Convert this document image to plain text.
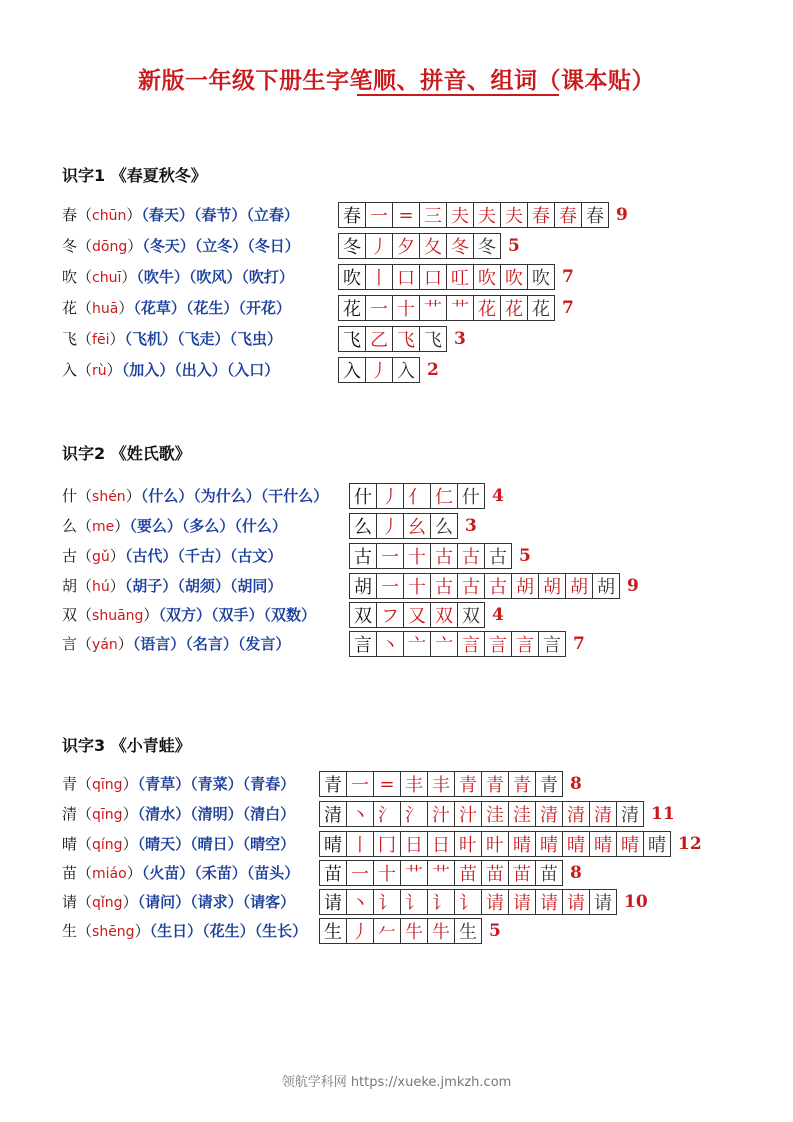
新版一年级下册生字笔顺、拼音、组词（课本贴）
识字1 《春夏秋冬》
春（chūn）（春天）（春节）（立春） 春 一 = 三 夫 夫 夫 春 春 春 9
冬（dōng）（冬天）（立冬）（冬日） 冬 丿 夕 夂 冬 冬 5
吹（chuī）（吹牛）（吹风）（吹打）	吹 丨 口 口 叿 吹 吹 吹 7
花（huā）（花草）（花生）（开花）	花 一 十 艹 艹 花 花 花 7
飞（fēi）（飞机）（飞走）（飞虫）	飞 乙 飞 飞 3
入（rù）（加入）（出入）（入口）	入 丿 入 2
识字2 《姓氏歌》
什（shén）（什么）（为什么）（干什么） 什 丿 亻 仁 什 4
么（me）（要么）（多么）（什么）	么 丿 幺 么 3
古（gǔ）（古代）（千古）（古文）	古 一 十 古 古 古 5
胡（hú）（胡子）（胡须）（胡同）	胡 一 十 古 古 古 胡 胡 胡 胡 9
双（shuāng）（双方）（双手）（双数） 双 フ 又 双 双 4
言（yán）（语言）（名言）（发言）	言 丶 亠 亠 言 言 言 言 7
识字3 《小青蛙》
青（qīng）（青草）（青菜）（青春） 青 一 = 丰 丰 青 青 青 青 8
清（qīng）（清水）（清明）（清白） 清 丶 氵 氵 汁 汁 洼 洼 清 清 清 清 11
晴（qíng）（晴天）（晴日）（晴空） 晴 丨 冂 日 日 旪 旪 晴 晴 晴 晴 晴 晴 12
苗（miáo）（火苗）（禾苗）（苗头） 苗 一 十 艹 艹 苗 苗 苗 苗 8
请（qǐng）（请问）（请求）（请客） 请 丶 讠 讠 讠 讠 请 请 请 请 请 10
生（shēng）（生日）（花生）（生长） 生 丿 𠂉 牛 牛 生 5
领航学科网 https://xueke.jmkzh.com
